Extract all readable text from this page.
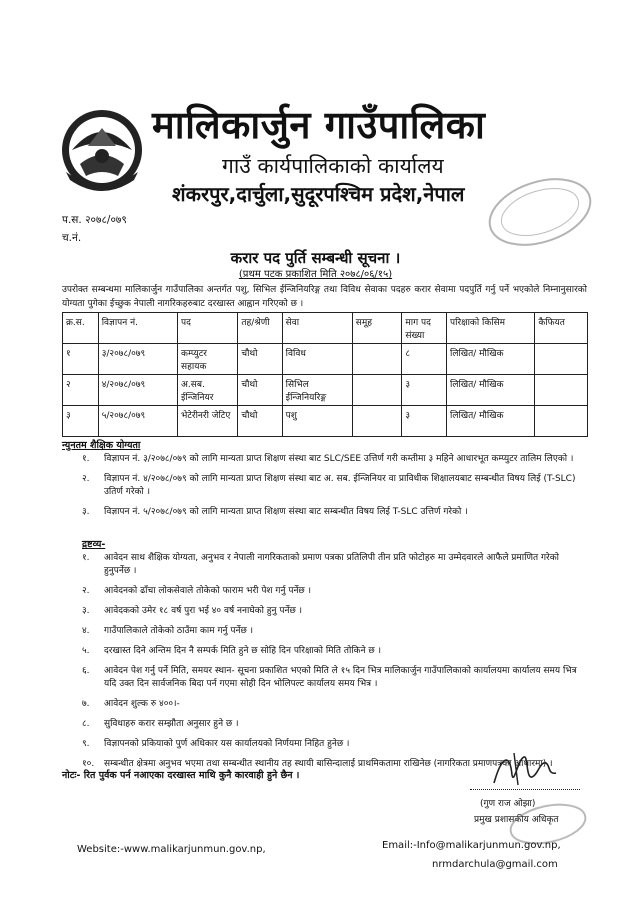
मालिकार्जुन गाउँपालिका
गाउँ कार्यपालिकाको कार्यालय
शंकरपुर,दार्चुला,सुदूरपश्चिम प्रदेश,नेपाल
प.स. २०७८/०७९
च.नं.
करार पद पुर्ति सम्बन्धी सूचना ।
(प्रथम पटक प्रकाशित मिति २०७८/०६/१५)
उपरोक्त सम्बन्धमा मालिकार्जुन गाउँपालिका अन्तर्गत पशु, सिभिल ईन्जिनियरिङ्ग तथा विविध सेवाका पदहरु करार सेवामा पदपुर्ति गर्नु पर्ने भएकोले निम्नानुसारको योग्यता पुगेका ईच्छुक नेपाली नागरिकहरुबाट दरखास्त आह्वान गरिएको छ ।
क्र.स.	विज्ञापन नं.	पद	तह/श्रेणी	सेवा	समूह	माग पद संख्या	परिक्षाको किसिम	कैफियत
१	३/२०७८/०७९	कम्प्युटर सहायक	चौथो	विविध		८	लिखित/ मौखिक	
२	४/२०७८/०७९	अ.सब. ईन्जिनियर	चौथो	सिभिल ईन्जिनियरिङ्ग		३	लिखित/ मौखिक	
३	५/२०७८/०७९	भेटेरीनरी जेटिए	चौथो	पशु		३	लिखित/ मौखिक	
न्युनतम शैक्षिक योग्यता
१. विज्ञापन नं. ३/२०७८/०७९ को लागि मान्यता प्राप्त शिक्षण संस्था बाट SLC/SEE उत्तिर्ण गरी कम्तीमा ३ महिने आधारभूत कम्प्युटर तालिम लिएको ।
२. विज्ञापन नं. ४/२०७८/०७९ को लागि मान्यता प्राप्त शिक्षण संस्था बाट अ. सब. ईन्जिनियर वा प्राविधीक शिक्षालयबाट सम्बन्धीत विषय लिई (T-SLC) उतिर्ण गरेको ।
३. विज्ञापन नं. ५/२०७८/०७९ को लागि मान्यता प्राप्त शिक्षण संस्था बाट सम्बन्धीत विषय लिई T-SLC उत्तिर्ण गरेको ।
द्रष्टव्य-
१. आवेदन साथ शैक्षिक योग्यता, अनुभव र नेपाली नागरिकताको प्रमाण पत्रका प्रतिलिपी तीन प्रति फोटोहरु मा उम्मेदवारले आफैले प्रमाणित गरेको हुनुपर्नेछ ।
२. आवेदनको ढाँचा लोकसेवाले तोकेको फाराम भरी पेश गर्नु पर्नेछ ।
३. आवेदकको उमेर १८ वर्ष पुरा भई ४० वर्ष ननाघेको हुनु पर्नेछ ।
४. गाउँपालिकाले तोकेको ठाउँमा काम गर्नु पर्नेछ ।
५. दरखास्त दिने अन्तिम दिन नै सम्पर्क मिति हुने छ सोहि दिन परिक्षाको मिति तोकिने छ ।
६. आवेदन पेश गर्नु पर्ने मिति, समयर स्थान- सूचना प्रकाशित भएको मिति ले १५ दिन भित्र मालिकार्जुन गाउँपालिकाको कार्यालयमा कार्यालय समय भित्र यदि उक्त दिन सार्वजनिक बिदा पर्न गएमा सोही दिन भोलिपल्ट कार्यालय समय भित्र ।
७. आवेदन शुल्क रु ४००।-
८. सुविधाहरु करार सम्झौता अनुसार हुने छ ।
९. विज्ञापनको प्रकियाको पुर्ण अधिकार यस कार्यालयको निर्णयमा निहित हुनेछ ।
१०. सम्बन्धीत क्षेत्रमा अनुभव भएमा तथा सम्बन्धीत स्थानीय तह स्थायी बासिन्दालाई प्राथमिकतामा राखिनेछ (नागरिकता प्रमाणपत्रका आधारमा) ।
नोटः- रित पुर्वक पर्न नआएका दरखास्त माथि कुनै कारवाही हुने छैन ।
(गुण राज ओझा)
प्रमुख प्रशासकीय अधिकृत
Website:-www.malikarjunmun.gov.np,	Email:-Info@malikarjunmun.gov.np,
nrmdarchula@gmail.com
